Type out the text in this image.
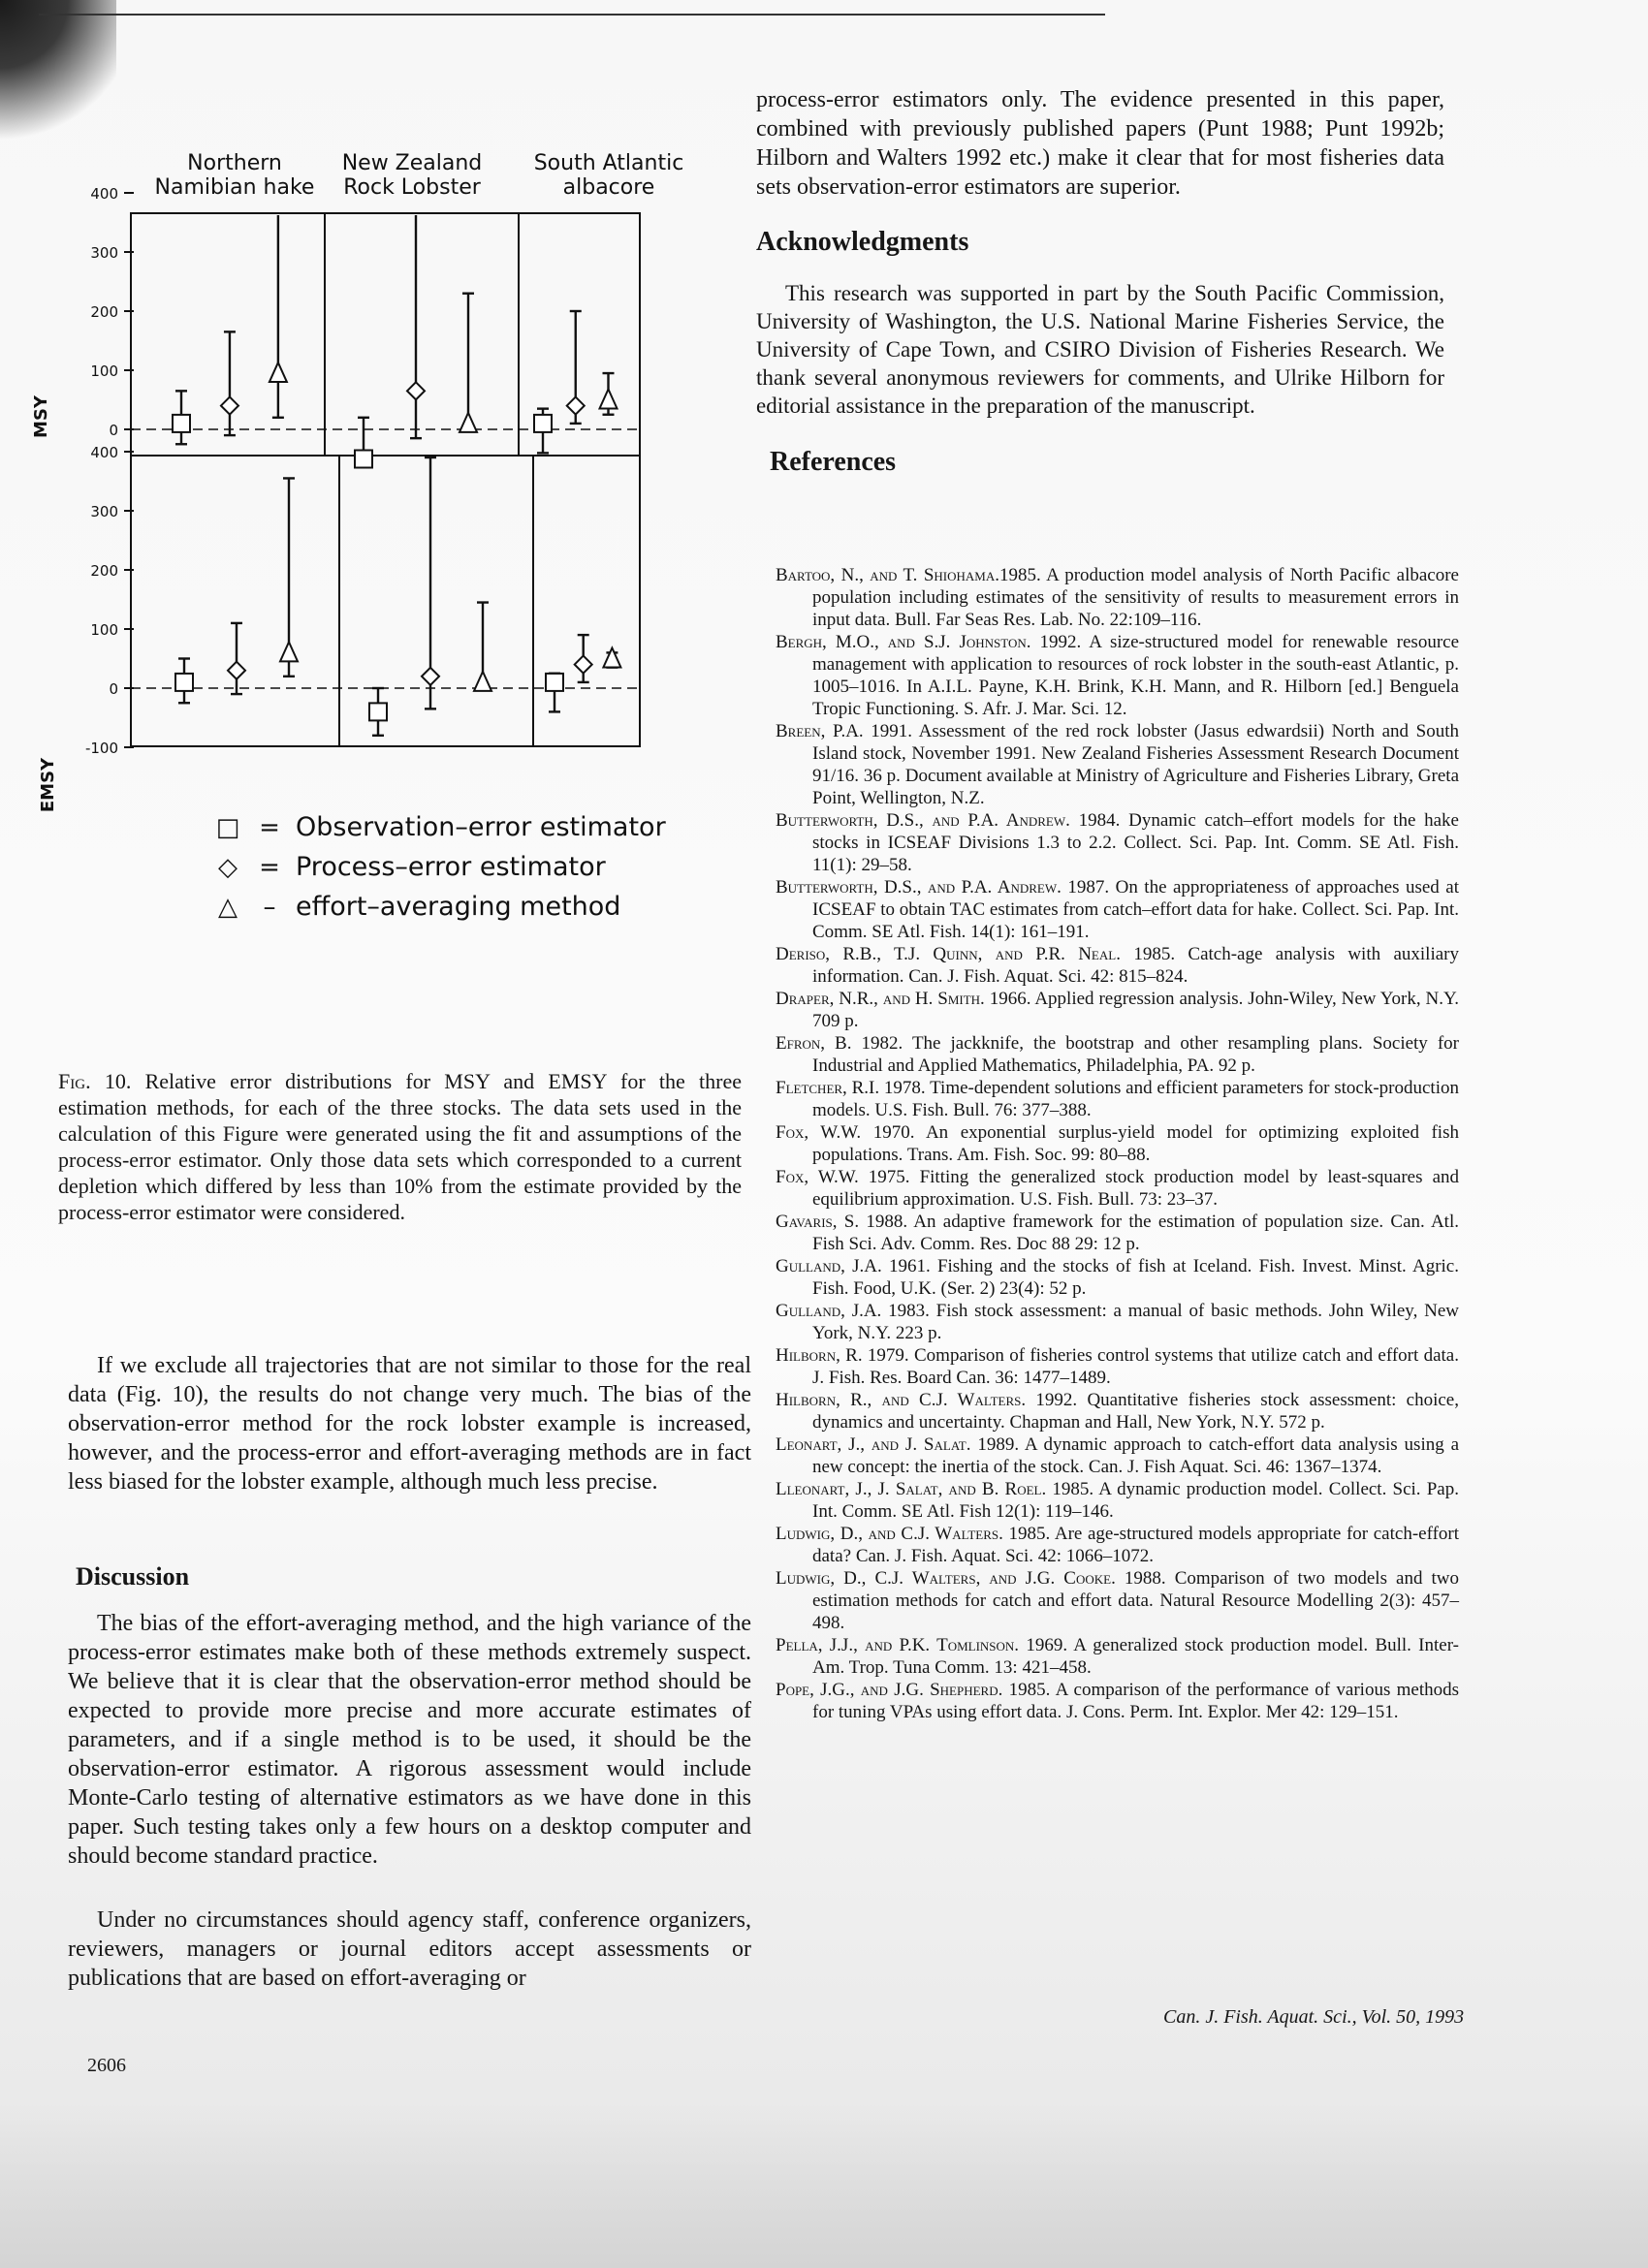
Northern
Namibian hake
New Zealand
Rock Lobster
South Atlantic
albacore
MSY
EMSY
0
100
200
300
400
-100
0
100
200
300
400
□ = Observation–error estimator
◇ = Process–error estimator
△ – effort–averaging method
Fig. 10. Relative error distributions for MSY and EMSY for the three estimation methods, for each of the three stocks. The data sets used in the calculation of this Figure were generated using the fit and assumptions of the process-error estimator. Only those data sets which corresponded to a current depletion which differed by less than 10% from the estimate provided by the process-error estimator were considered.

If we exclude all trajectories that are not similar to those for the real data (Fig. 10), the results do not change very much. The bias of the observation-error method for the rock lobster example is increased, however, and the process-error and effort-averaging methods are in fact less biased for the lobster example, although much less precise.

Discussion

The bias of the effort-averaging method, and the high variance of the process-error estimates make both of these methods extremely suspect. We believe that it is clear that the observation-error method should be expected to provide more precise and more accurate estimates of parameters, and if a single method is to be used, it should be the observation-error estimator. A rigorous assessment would include Monte-Carlo testing of alternative estimators as we have done in this paper. Such testing takes only a few hours on a desktop computer and should become standard practice.

Under no circumstances should agency staff, conference organizers, reviewers, managers or journal editors accept assessments or publications that are based on effort-averaging or

process-error estimators only. The evidence presented in this paper, combined with previously published papers (Punt 1988; Punt 1992b; Hilborn and Walters 1992 etc.) make it clear that for most fisheries data sets observation-error estimators are superior.

Acknowledgments

This research was supported in part by the South Pacific Commission, University of Washington, the U.S. National Marine Fisheries Service, the University of Cape Town, and CSIRO Division of Fisheries Research. We thank several anonymous reviewers for comments, and Ulrike Hilborn for editorial assistance in the preparation of the manuscript.

References

Bartoo, N., and T. Shiohama.1985. A production model analysis of North Pacific albacore population including estimates of the sensitivity of results to measurement errors in input data. Bull. Far Seas Res. Lab. No. 22:109–116.

Bergh, M.O., and S.J. Johnston. 1992. A size-structured model for renewable resource management with application to resources of rock lobster in the south-east Atlantic, p. 1005–1016. In A.I.L. Payne, K.H. Brink, K.H. Mann, and R. Hilborn [ed.] Benguela Tropic Functioning. S. Afr. J. Mar. Sci. 12.

Breen, P.A. 1991. Assessment of the red rock lobster (Jasus edwardsii) North and South Island stock, November 1991. New Zealand Fisheries Assessment Research Document 91/16. 36 p. Document available at Ministry of Agriculture and Fisheries Library, Greta Point, Wellington, N.Z.

Butterworth, D.S., and P.A. Andrew. 1984. Dynamic catch–effort models for the hake stocks in ICSEAF Divisions 1.3 to 2.2. Collect. Sci. Pap. Int. Comm. SE Atl. Fish. 11(1): 29–58.

Butterworth, D.S., and P.A. Andrew. 1987. On the appropriateness of approaches used at ICSEAF to obtain TAC estimates from catch–effort data for hake. Collect. Sci. Pap. Int. Comm. SE Atl. Fish. 14(1): 161–191.

Deriso, R.B., T.J. Quinn, and P.R. Neal. 1985. Catch-age analysis with auxiliary information. Can. J. Fish. Aquat. Sci. 42: 815–824.

Draper, N.R., and H. Smith. 1966. Applied regression analysis. John-Wiley, New York, N.Y. 709 p.

Efron, B. 1982. The jackknife, the bootstrap and other resampling plans. Society for Industrial and Applied Mathematics, Philadelphia, PA. 92 p.

Fletcher, R.I. 1978. Time-dependent solutions and efficient parameters for stock-production models. U.S. Fish. Bull. 76: 377–388.

Fox, W.W. 1970. An exponential surplus-yield model for optimizing exploited fish populations. Trans. Am. Fish. Soc. 99: 80–88.

Fox, W.W. 1975. Fitting the generalized stock production model by least-squares and equilibrium approximation. U.S. Fish. Bull. 73: 23–37.

Gavaris, S. 1988. An adaptive framework for the estimation of population size. Can. Atl. Fish Sci. Adv. Comm. Res. Doc 88 29: 12 p.

Gulland, J.A. 1961. Fishing and the stocks of fish at Iceland. Fish. Invest. Minst. Agric. Fish. Food, U.K. (Ser. 2) 23(4): 52 p.

Gulland, J.A. 1983. Fish stock assessment: a manual of basic methods. John Wiley, New York, N.Y. 223 p.

Hilborn, R. 1979. Comparison of fisheries control systems that utilize catch and effort data. J. Fish. Res. Board Can. 36: 1477–1489.

Hilborn, R., and C.J. Walters. 1992. Quantitative fisheries stock assessment: choice, dynamics and uncertainty. Chapman and Hall, New York, N.Y. 572 p.

Leonart, J., and J. Salat. 1989. A dynamic approach to catch-effort data analysis using a new concept: the inertia of the stock. Can. J. Fish Aquat. Sci. 46: 1367–1374.

Lleonart, J., J. Salat, and B. Roel. 1985. A dynamic production model. Collect. Sci. Pap. Int. Comm. SE Atl. Fish 12(1): 119–146.

Ludwig, D., and C.J. Walters. 1985. Are age-structured models appropriate for catch-effort data? Can. J. Fish. Aquat. Sci. 42: 1066–1072.

Ludwig, D., C.J. Walters, and J.G. Cooke. 1988. Comparison of two models and two estimation methods for catch and effort data. Natural Resource Modelling 2(3): 457–498.

Pella, J.J., and P.K. Tomlinson. 1969. A generalized stock production model. Bull. Inter-Am. Trop. Tuna Comm. 13: 421–458.

Pope, J.G., and J.G. Shepherd. 1985. A comparison of the performance of various methods for tuning VPAs using effort data. J. Cons. Perm. Int. Explor. Mer 42: 129–151.

Can. J. Fish. Aquat. Sci., Vol. 50, 1993
2606
